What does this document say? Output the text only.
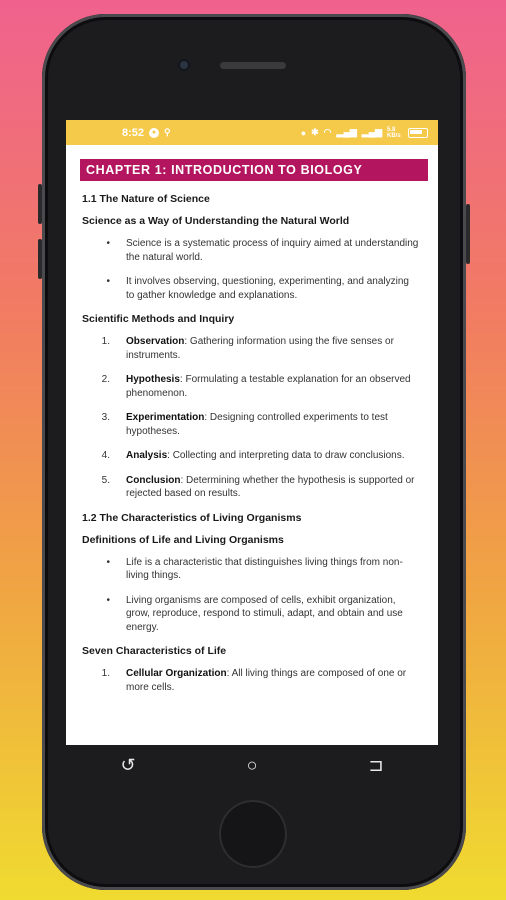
8:52	● ⚲	● ✱ ◠ ▂▄▆ ▂▄▆ 5.8 KB/s
CHAPTER 1: INTRODUCTION TO BIOLOGY
1.1 The Nature of Science
Science as a Way of Understanding the Natural World
•	Science is a systematic process of inquiry aimed at understanding the natural world.
•	It involves observing, questioning, experimenting, and analyzing to gather knowledge and explanations.
Scientific Methods and Inquiry
1.	Observation: Gathering information using the five senses or instruments.
2.	Hypothesis: Formulating a testable explanation for an observed phenomenon.
3.	Experimentation: Designing controlled experiments to test hypotheses.
4.	Analysis: Collecting and interpreting data to draw conclusions.
5.	Conclusion: Determining whether the hypothesis is supported or rejected based on results.
1.2 The Characteristics of Living Organisms
Definitions of Life and Living Organisms
•	Life is a characteristic that distinguishes living things from non-living things.
•	Living organisms are composed of cells, exhibit organization, grow, reproduce, respond to stimuli, adapt, and obtain and use energy.
Seven Characteristics of Life
1.	Cellular Organization: All living things are composed of one or more cells.
↺	○	⊐
